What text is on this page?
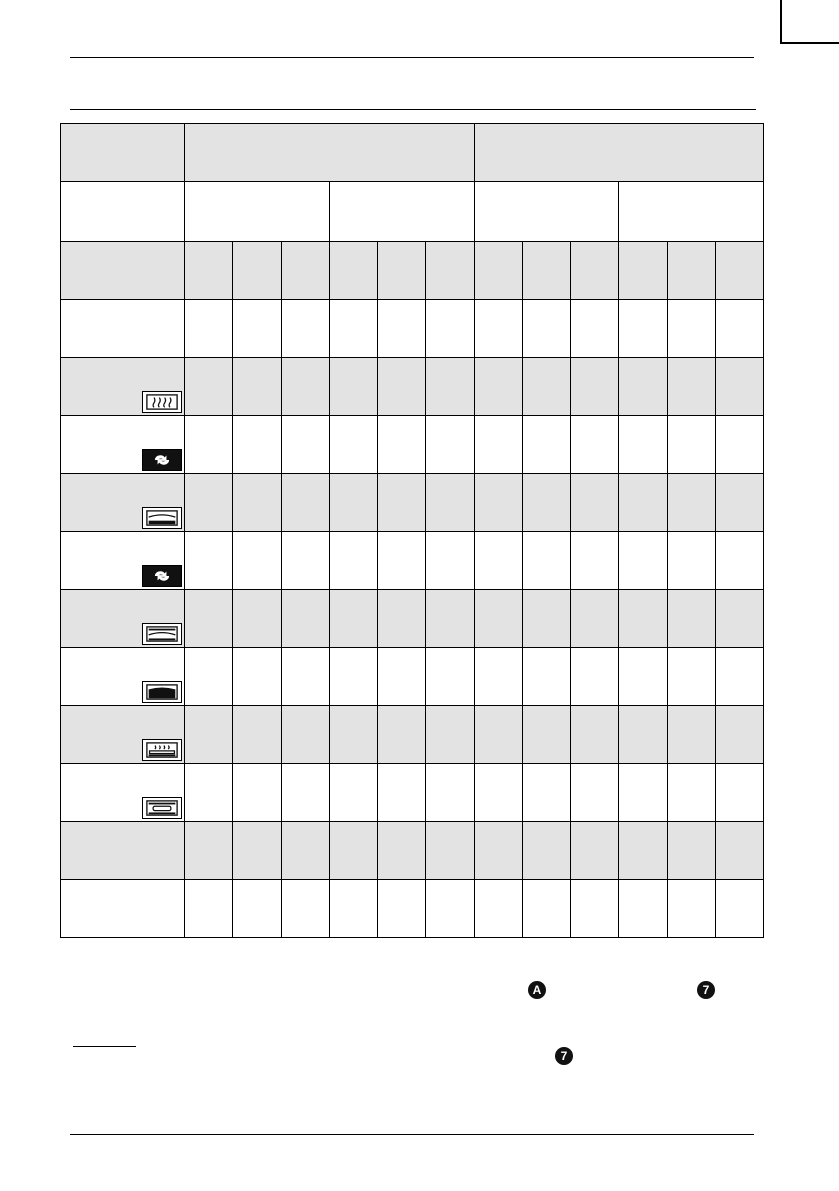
A	7
7
